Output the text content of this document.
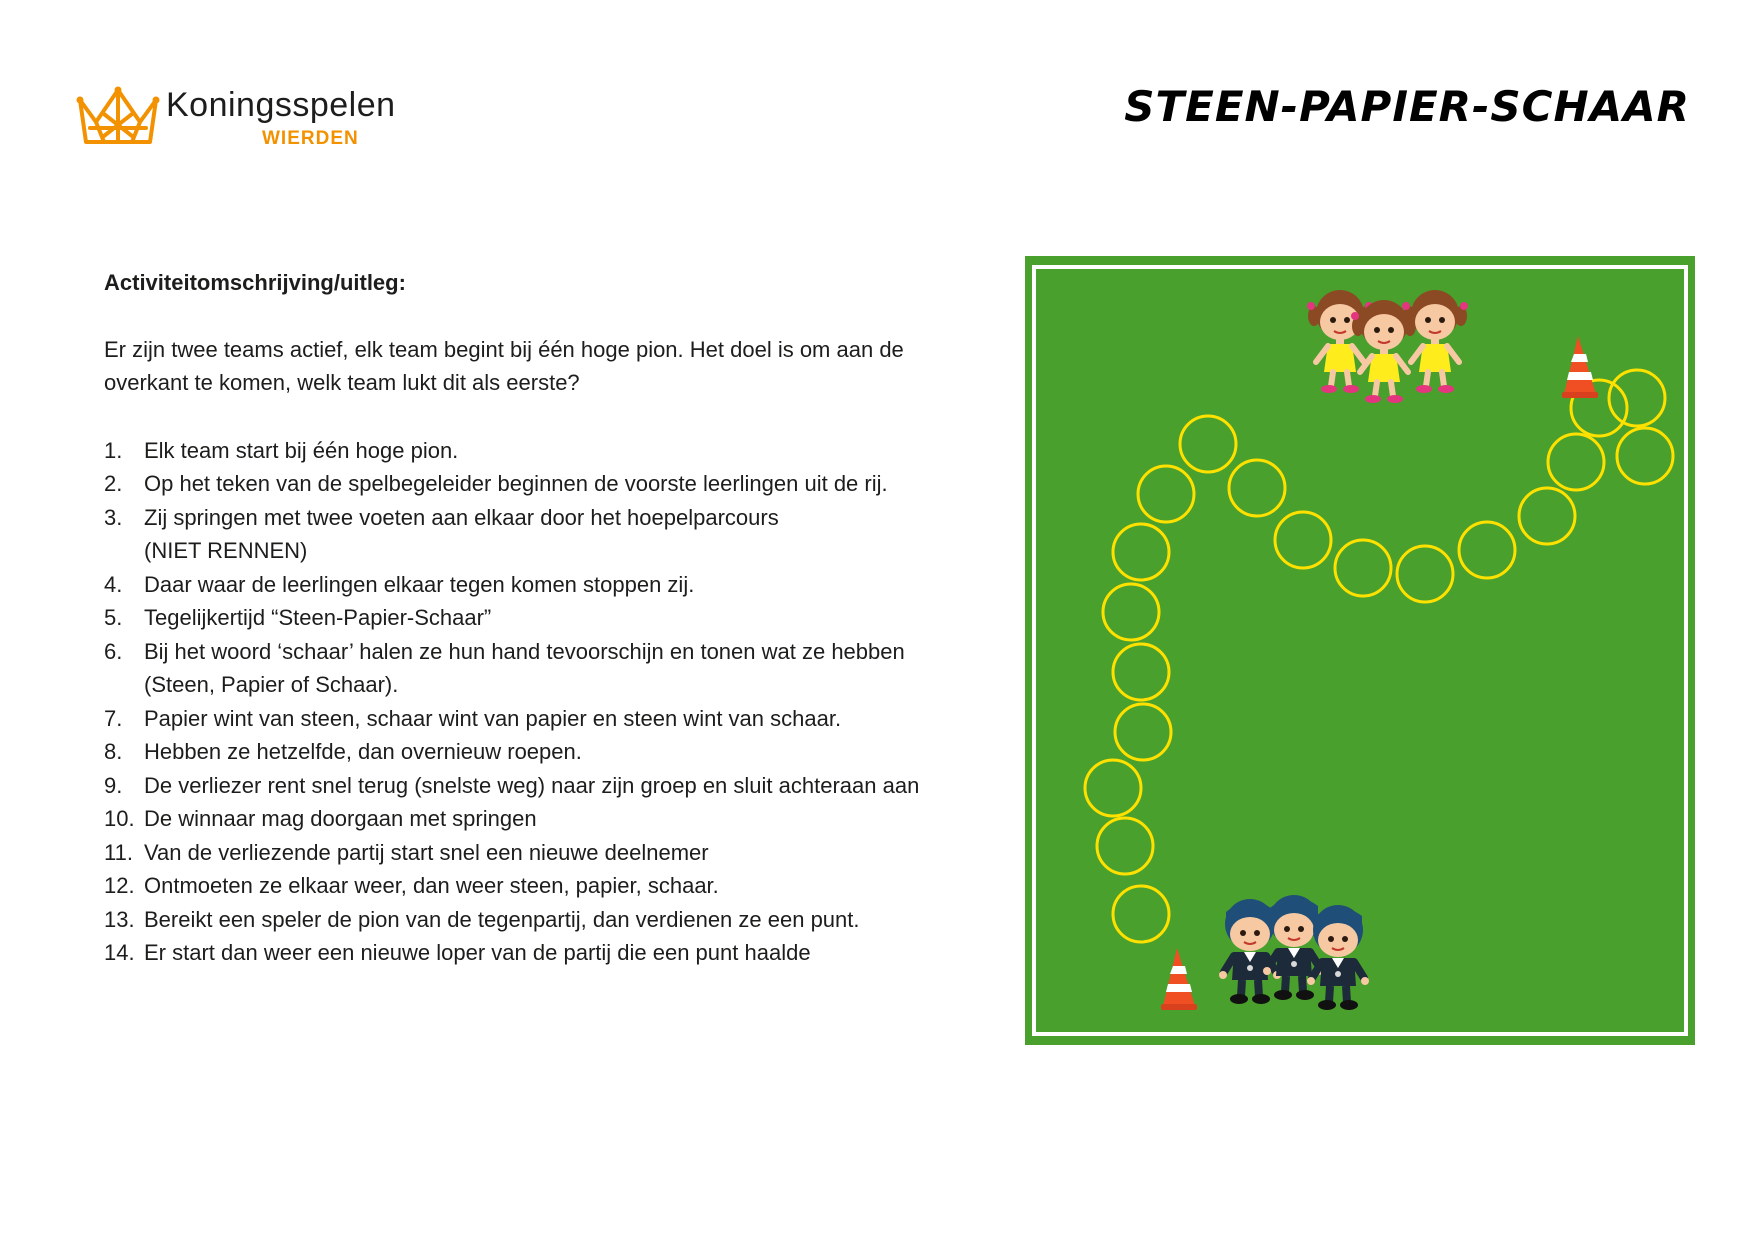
Koningsspelen
WIERDEN
STEEN-PAPIER-SCHAAR

Activiteitomschrijving/uitleg:

Er zijn twee teams actief, elk team begint bij één hoge pion. Het doel is om aan de
overkant te komen, welk team lukt dit als eerste?

1. Elk team start bij één hoge pion.
2. Op het teken van de spelbegeleider beginnen de voorste leerlingen uit de rij.
3. Zij springen met twee voeten aan elkaar door het hoepelparcours
(NIET RENNEN)
4. Daar waar de leerlingen elkaar tegen komen stoppen zij.
5. Tegelijkertijd “Steen-Papier-Schaar”
6. Bij het woord ‘schaar’ halen ze hun hand tevoorschijn en tonen wat ze hebben
(Steen, Papier of Schaar).
7. Papier wint van steen, schaar wint van papier en steen wint van schaar.
8. Hebben ze hetzelfde, dan overnieuw roepen.
9. De verliezer rent snel terug (snelste weg) naar zijn groep en sluit achteraan aan
10. De winnaar mag doorgaan met springen
11. Van de verliezende partij start snel een nieuwe deelnemer
12. Ontmoeten ze elkaar weer, dan weer steen, papier, schaar.
13. Bereikt een speler de pion van de tegenpartij, dan verdienen ze een punt.
14. Er start dan weer een nieuwe loper van de partij die een punt haalde
